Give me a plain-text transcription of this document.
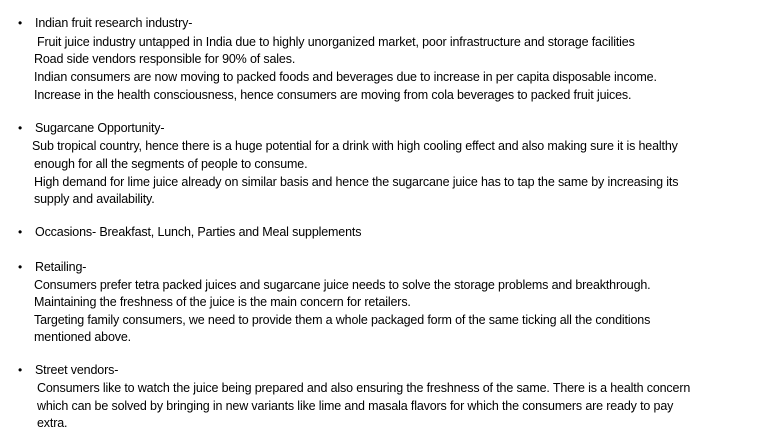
• Indian fruit research industry-
Fruit juice industry untapped in India due to highly unorganized market, poor infrastructure and storage facilities
Road side vendors responsible for 90% of sales.
Indian consumers are now moving to packed foods and beverages due to increase in per capita disposable income.
Increase in the health consciousness, hence consumers are moving from cola beverages to packed fruit juices.
• Sugarcane Opportunity-
Sub tropical country, hence there is a huge potential for a drink with high cooling effect and also making sure it is healthy
enough for all the segments of people to consume.
High demand for lime juice already on similar basis and hence the sugarcane juice has to tap the same by increasing its
supply and availability.
• Occasions- Breakfast, Lunch, Parties and Meal supplements
• Retailing-
Consumers prefer tetra packed juices and sugarcane juice needs to solve the storage problems and breakthrough.
Maintaining the freshness of the juice is the main concern for retailers.
Targeting family consumers, we need to provide them a whole packaged form of the same ticking all the conditions
mentioned above.
• Street vendors-
Consumers like to watch the juice being prepared and also ensuring the freshness of the same. There is a health concern
which can be solved by bringing in new variants like lime and masala flavors for which the consumers are ready to pay
extra.
